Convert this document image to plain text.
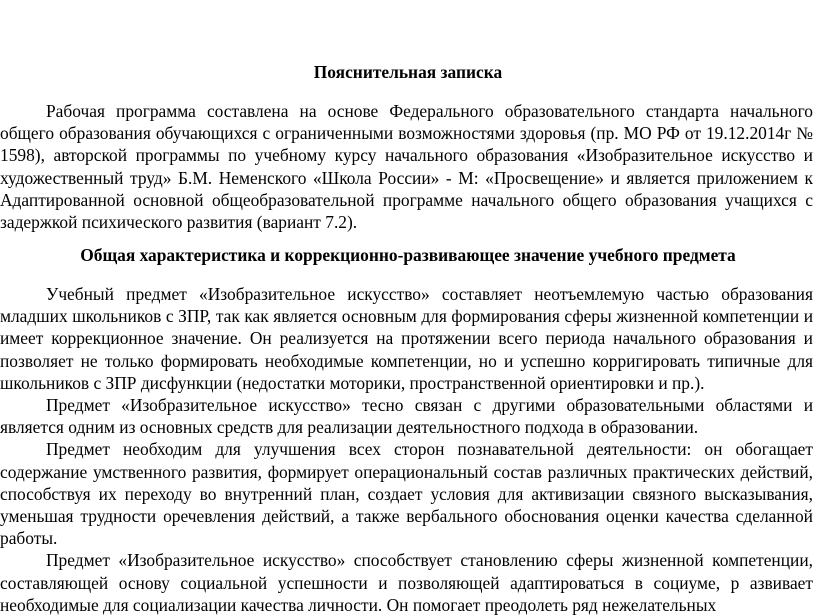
Пояснительная записка

Рабочая программа составлена на основе Федерального образовательного стандарта начального общего образования обучающихся с ограниченными возможностями здоровья (пр. МО РФ от 19.12.2014г № 1598), авторской программы по учебному курсу начального образования «Изобразительное искусство и художественный труд» Б.М. Неменского «Школа России» - М: «Просвещение» и является приложением к Адаптированной основной общеобразовательной программе начального общего образования учащихся с задержкой психического развития (вариант 7.2).

Общая характеристика и коррекционно-развивающее значение учебного предмета

Учебный предмет «Изобразительное искусство» составляет неотъемлемую частью образования младших школьников с ЗПР, так как является основным для формирования сферы жизненной компетенции и имеет коррекционное значение. Он реализуется на протяжении всего периода начального образования и позволяет не только формировать необходимые компетенции, но и успешно корригировать типичные для школьников с ЗПР дисфункции (недостатки моторики, пространственной ориентировки и пр.).

Предмет «Изобразительное искусство» тесно связан с другими образовательными областями и является одним из основных средств для реализации деятельностного подхода в образовании.

Предмет необходим для улучшения всех сторон познавательной деятельности: он обогащает содержание умственного развития, формирует операциональный состав различных практических действий, способствуя их переходу во внутренний план, создает условия для активизации связного высказывания, уменьшая трудности оречевления действий, а также вербального обоснования оценки качества сделанной работы.

Предмет «Изобразительное искусство» способствует становлению сферы жизненной компетенции, составляющей основу социальной успешности и позволяющей адаптироваться в социуме, р азвивает необходимые для социализации качества личности. Он помогает преодолеть ряд нежелательных
